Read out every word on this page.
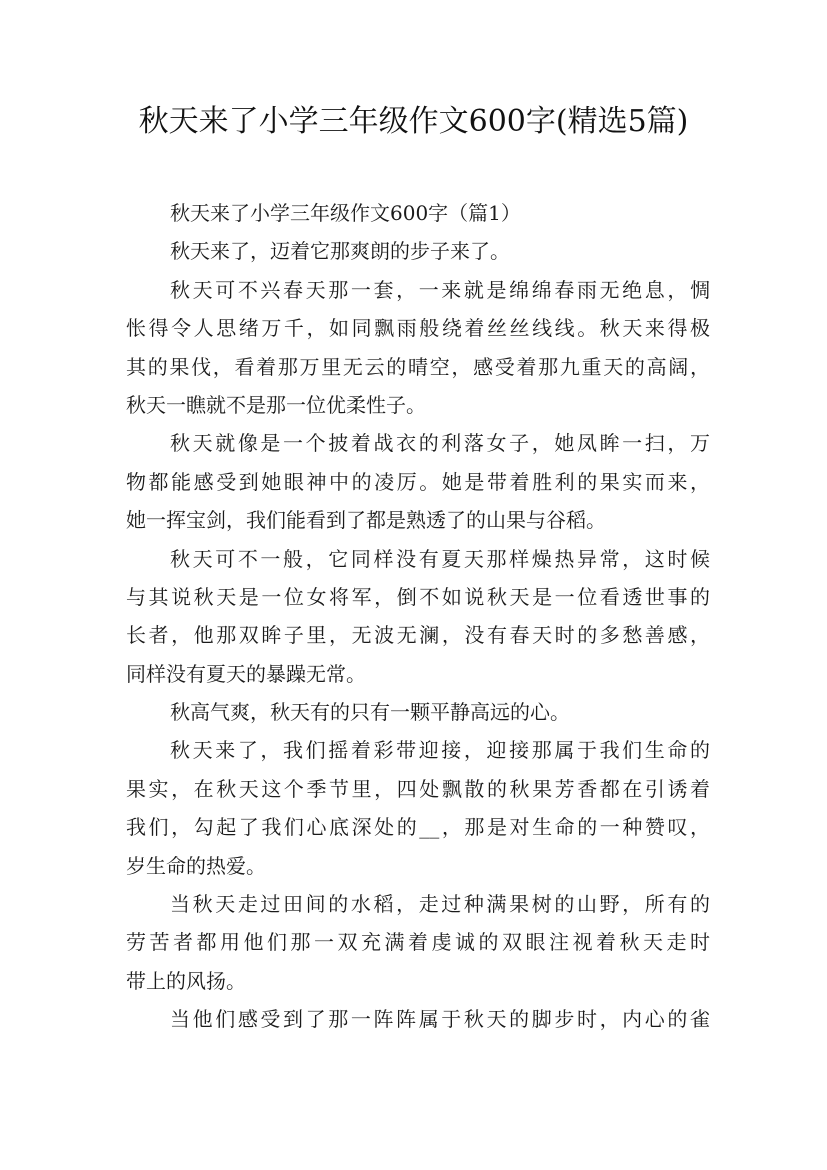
秋天来了小学三年级作文600字(精选5篇)
秋天来了小学三年级作文600字（篇1）
秋天来了，迈着它那爽朗的步子来了。
秋天可不兴春天那一套，一来就是绵绵春雨无绝息，惆
怅得令人思绪万千，如同飘雨般绕着丝丝线线。秋天来得极
其的果伐，看着那万里无云的晴空，感受着那九重天的高阔，
秋天一瞧就不是那一位优柔性子。
秋天就像是一个披着战衣的利落女子，她凤眸一扫，万
物都能感受到她眼神中的凌厉。她是带着胜利的果实而来，
她一挥宝剑，我们能看到了都是熟透了的山果与谷稻。
秋天可不一般，它同样没有夏天那样燥热异常，这时候
与其说秋天是一位女将军，倒不如说秋天是一位看透世事的
长者，他那双眸子里，无波无澜，没有春天时的多愁善感，
同样没有夏天的暴躁无常。
秋高气爽，秋天有的只有一颗平静高远的心。
秋天来了，我们摇着彩带迎接，迎接那属于我们生命的
果实，在秋天这个季节里，四处飘散的秋果芳香都在引诱着
我们，勾起了我们心底深处的__，那是对生命的一种赞叹，
岁生命的热爱。
当秋天走过田间的水稻，走过种满果树的山野，所有的
劳苦者都用他们那一双充满着虔诚的双眼注视着秋天走时
带上的风扬。
当他们感受到了那一阵阵属于秋天的脚步时，内心的雀
